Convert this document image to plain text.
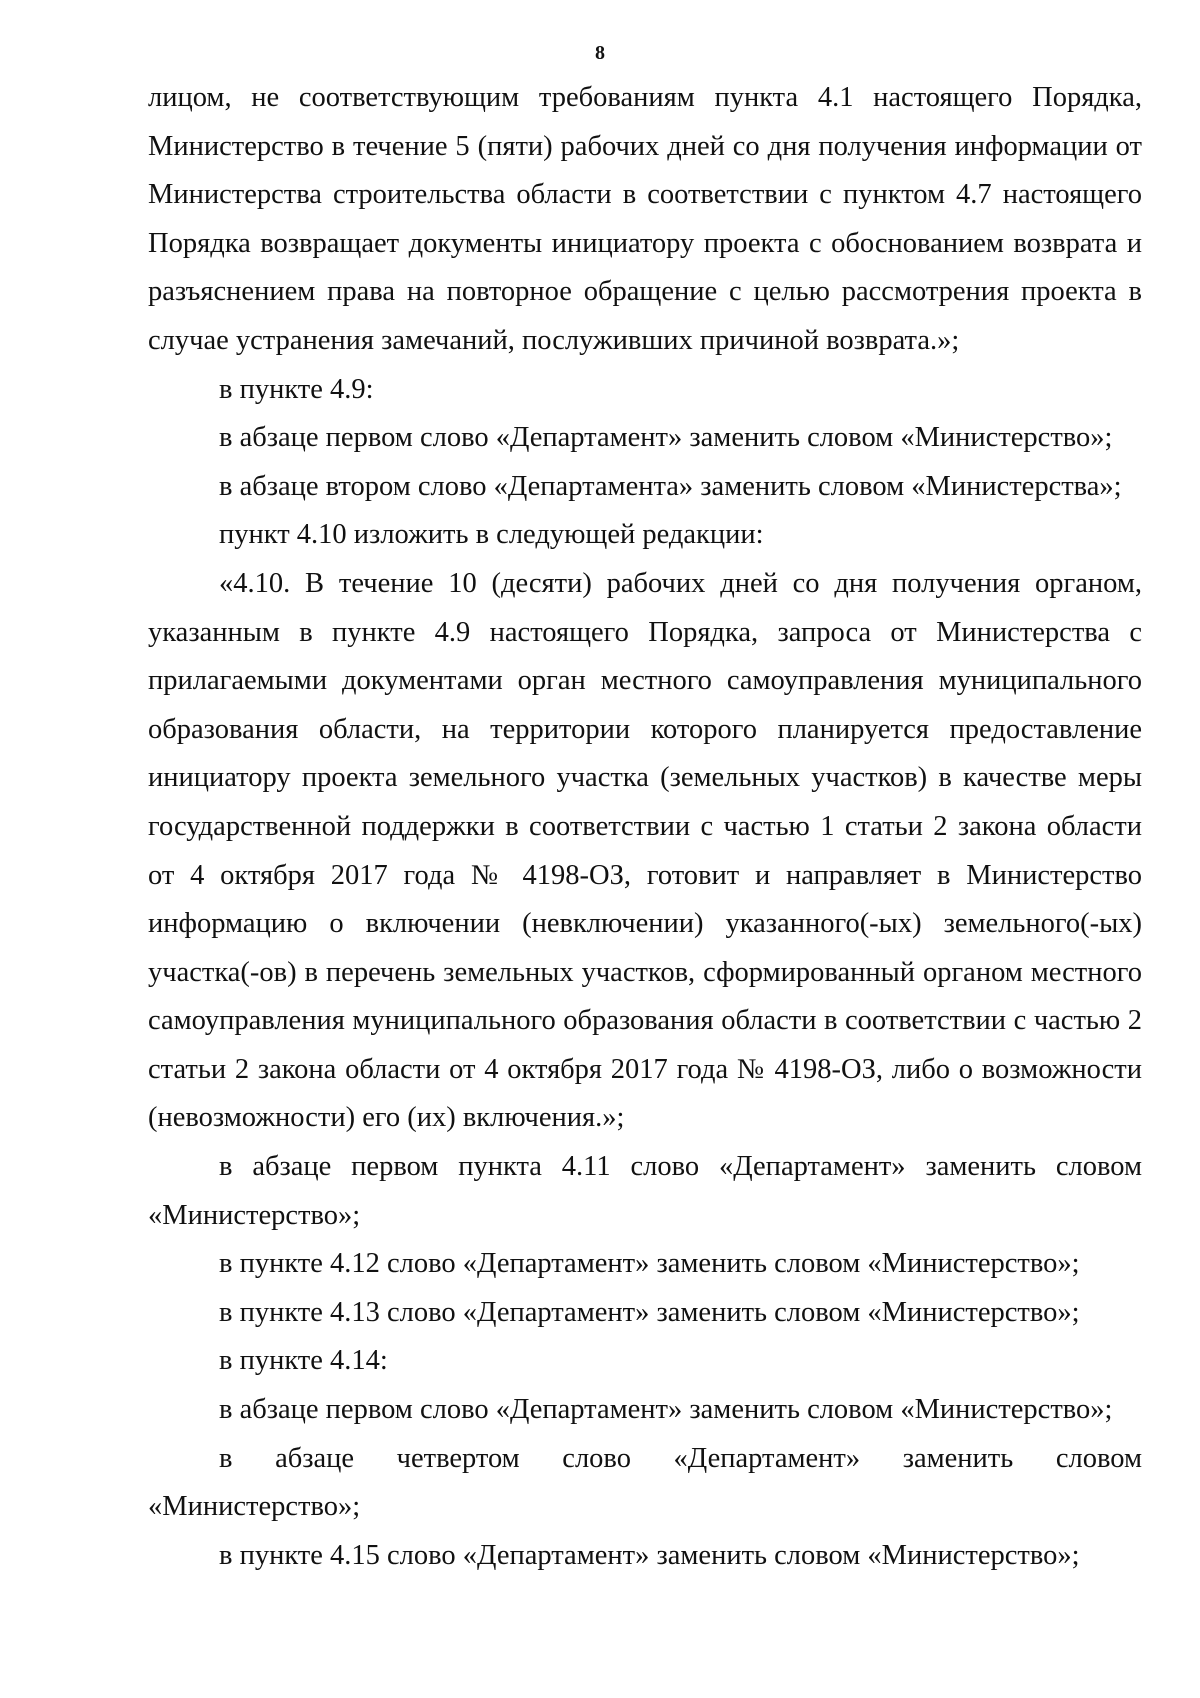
8

лицом, не соответствующим требованиям пункта 4.1 настоящего Порядка, Министерство в течение 5 (пяти) рабочих дней со дня получения информации от Министерства строительства области в соответствии с пунктом 4.7 настоящего Порядка возвращает документы инициатору проекта с обоснованием возврата и разъяснением права на повторное обращение с целью рассмотрения проекта в случае устранения замечаний, послуживших причиной возврата.»;

в пункте 4.9:

в абзаце первом слово «Департамент» заменить словом «Министерство»;

в абзаце втором слово «Департамента» заменить словом «Министерства»;

пункт 4.10 изложить в следующей редакции:

«4.10. В течение 10 (десяти) рабочих дней со дня получения органом, указанным в пункте 4.9 настоящего Порядка, запроса от Министерства с прилагаемыми документами орган местного самоуправления муниципального образования области, на территории которого планируется предоставление инициатору проекта земельного участка (земельных участков) в качестве меры государственной поддержки в соответствии с частью 1 статьи 2 закона области от 4 октября 2017 года № 4198-ОЗ, готовит и направляет в Министерство информацию о включении (невключении) указанного(-ых) земельного(-ых) участка(-ов) в перечень земельных участков, сформированный органом местного самоуправления муниципального образования области в соответствии с частью 2 статьи 2 закона области от 4 октября 2017 года № 4198-ОЗ, либо о возможности (невозможности) его (их) включения.»;

в абзаце первом пункта 4.11 слово «Департамент» заменить словом «Министерство»;

в пункте 4.12 слово «Департамент» заменить словом «Министерство»;

в пункте 4.13 слово «Департамент» заменить словом «Министерство»;

в пункте 4.14:

в абзаце первом слово «Департамент» заменить словом «Министерство»;

в абзаце четвертом слово «Департамент» заменить словом «Министерство»;

в пункте 4.15 слово «Департамент» заменить словом «Министерство»;
